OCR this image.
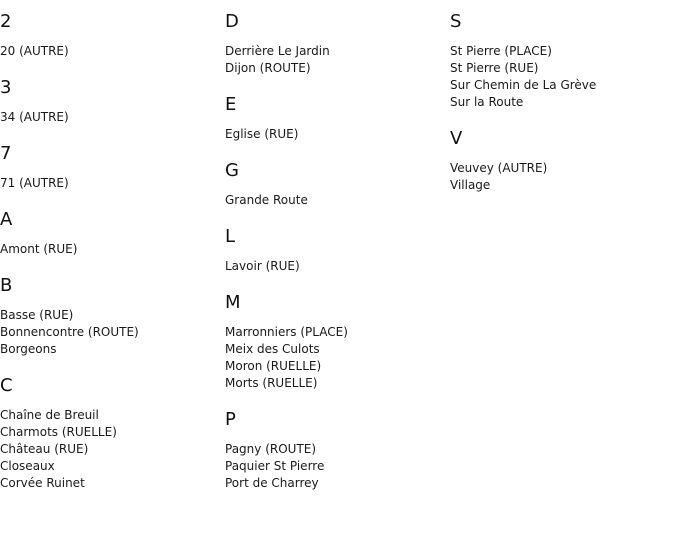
2
20 (AUTRE)
3
34 (AUTRE)
7
71 (AUTRE)
A
Amont (RUE)
B
Basse (RUE)
Bonnencontre (ROUTE)
Borgeons
C
Chaîne de Breuil
Charmots (RUELLE)
Château (RUE)
Closeaux
Corvée Ruinet
D
Derrière Le Jardin
Dijon (ROUTE)
E
Eglise (RUE)
G
Grande Route
L
Lavoir (RUE)
M
Marronniers (PLACE)
Meix des Culots
Moron (RUELLE)
Morts (RUELLE)
P
Pagny (ROUTE)
Paquier St Pierre
Port de Charrey
S
St Pierre (PLACE)
St Pierre (RUE)
Sur Chemin de La Grève
Sur la Route
V
Veuvey (AUTRE)
Village
